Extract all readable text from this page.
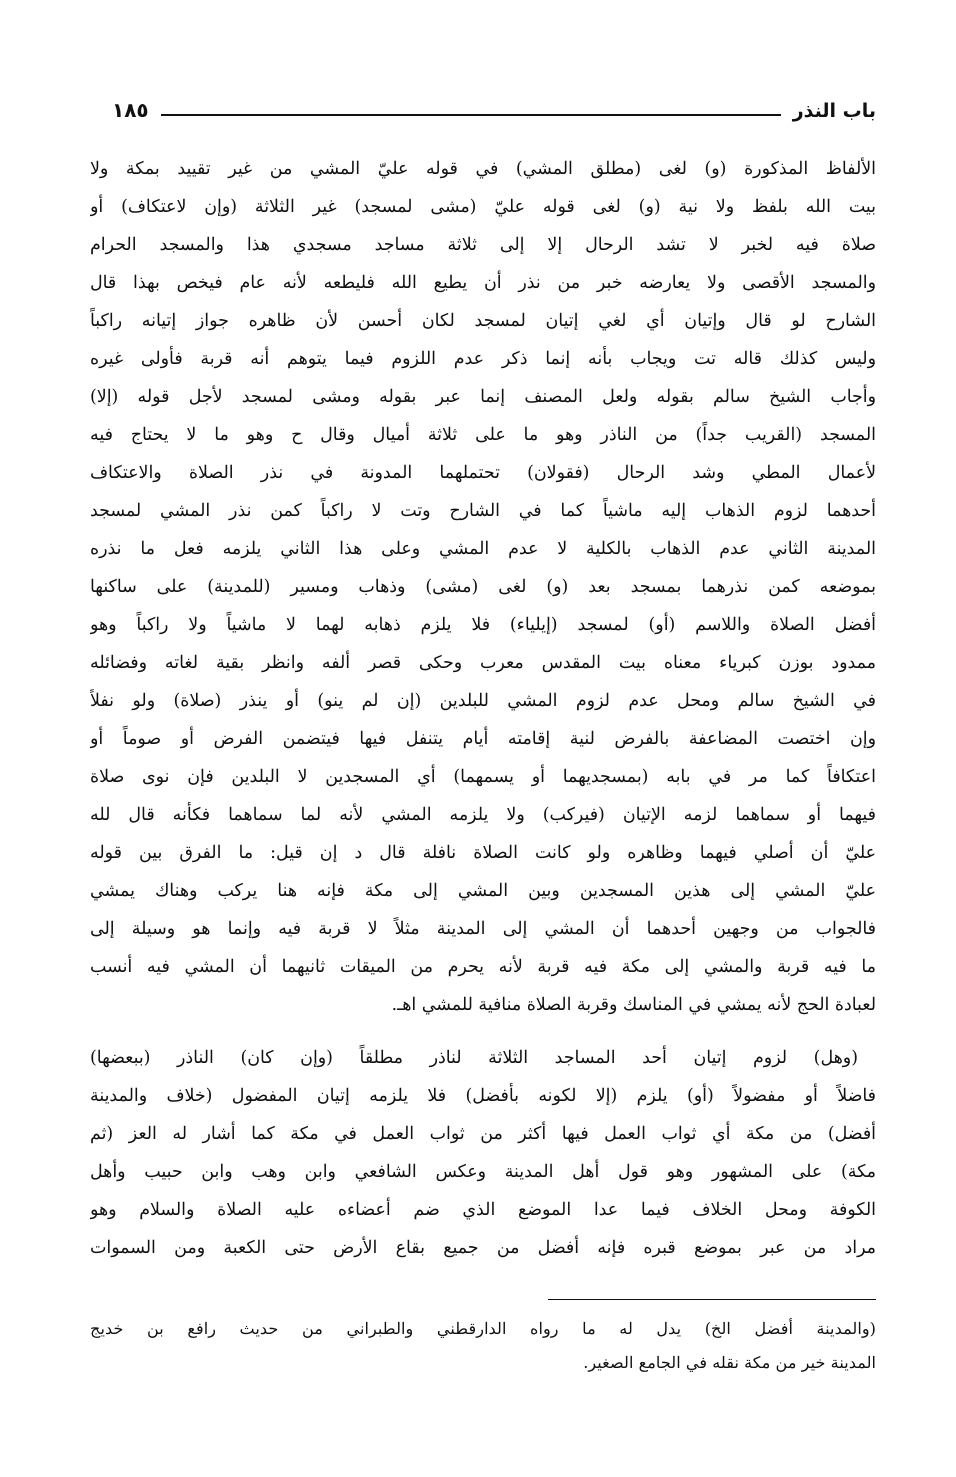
باب النذر
١٨٥
الألفاظ المذكورة (و) لغى (مطلق المشي) في قوله عليّ المشي من غير تقييد بمكة ولا
بيت الله بلفظ ولا نية (و) لغى قوله عليّ (مشى لمسجد) غير الثلاثة (وإن لاعتكاف) أو
صلاة فيه لخبر لا تشد الرحال إلا إلى ثلاثة مساجد مسجدي هذا والمسجد الحرام
والمسجد الأقصى ولا يعارضه خبر من نذر أن يطيع الله فليطعه لأنه عام فيخص بهذا قال
الشارح لو قال وإتيان أي لغي إتيان لمسجد لكان أحسن لأن ظاهره جواز إتيانه راكباً
وليس كذلك قاله تت ويجاب بأنه إنما ذكر عدم اللزوم فيما يتوهم أنه قربة فأولى غيره
وأجاب الشيخ سالم بقوله ولعل المصنف إنما عبر بقوله ومشى لمسجد لأجل قوله (إلا)
المسجد (القريب جداً) من الناذر وهو ما على ثلاثة أميال وقال ح وهو ما لا يحتاج فيه
لأعمال المطي وشد الرحال (فقولان) تحتملهما المدونة في نذر الصلاة والاعتكاف
أحدهما لزوم الذهاب إليه ماشياً كما في الشارح وتت لا راكباً كمن نذر المشي لمسجد
المدينة الثاني عدم الذهاب بالكلية لا عدم المشي وعلى هذا الثاني يلزمه فعل ما نذره
بموضعه كمن نذرهما بمسجد بعد (و) لغى (مشى) وذهاب ومسير (للمدينة) على ساكنها
أفضل الصلاة واللاسم (أو) لمسجد (إيلياء) فلا يلزم ذهابه لهما لا ماشياً ولا راكباً وهو
ممدود بوزن كبرياء معناه بيت المقدس معرب وحكى قصر ألفه وانظر بقية لغاته وفضائله
في الشيخ سالم ومحل عدم لزوم المشي للبلدين (إن لم ينو) أو ينذر (صلاة) ولو نفلاً
وإن اختصت المضاعفة بالفرض لنية إقامته أيام يتنفل فيها فيتضمن الفرض أو صوماً أو
اعتكافاً كما مر في بابه (بمسجديهما أو يسمهما) أي المسجدين لا البلدين فإن نوى صلاة
فيهما أو سماهما لزمه الإتيان (فيركب) ولا يلزمه المشي لأنه لما سماهما فكأنه قال لله
عليّ أن أصلي فيهما وظاهره ولو كانت الصلاة نافلة قال د إن قيل: ما الفرق بين قوله
عليّ المشي إلى هذين المسجدين وبين المشي إلى مكة فإنه هنا يركب وهناك يمشي
فالجواب من وجهين أحدهما أن المشي إلى المدينة مثلاً لا قربة فيه وإنما هو وسيلة إلى
ما فيه قربة والمشي إلى مكة فيه قربة لأنه يحرم من الميقات ثانيهما أن المشي فيه أنسب
لعبادة الحج لأنه يمشي في المناسك وقربة الصلاة منافية للمشي اهـ.
(وهل) لزوم إتيان أحد المساجد الثلاثة لناذر مطلقاً (وإن كان) الناذر (ببعضها)
فاضلاً أو مفضولاً (أو) يلزم (إلا لكونه بأفضل) فلا يلزمه إتيان المفضول (خلاف والمدينة
أفضل) من مكة أي ثواب العمل فيها أكثر من ثواب العمل في مكة كما أشار له العز (ثم
مكة) على المشهور وهو قول أهل المدينة وعكس الشافعي وابن وهب وابن حبيب وأهل
الكوفة ومحل الخلاف فيما عدا الموضع الذي ضم أعضاءه عليه الصلاة والسلام وهو
مراد من عبر بموضع قبره فإنه أفضل من جميع بقاع الأرض حتى الكعبة ومن السموات
(والمدينة أفضل الخ) يدل له ما رواه الدارقطني والطبراني من حديث رافع بن خديج
المدينة خير من مكة نقله في الجامع الصغير.
